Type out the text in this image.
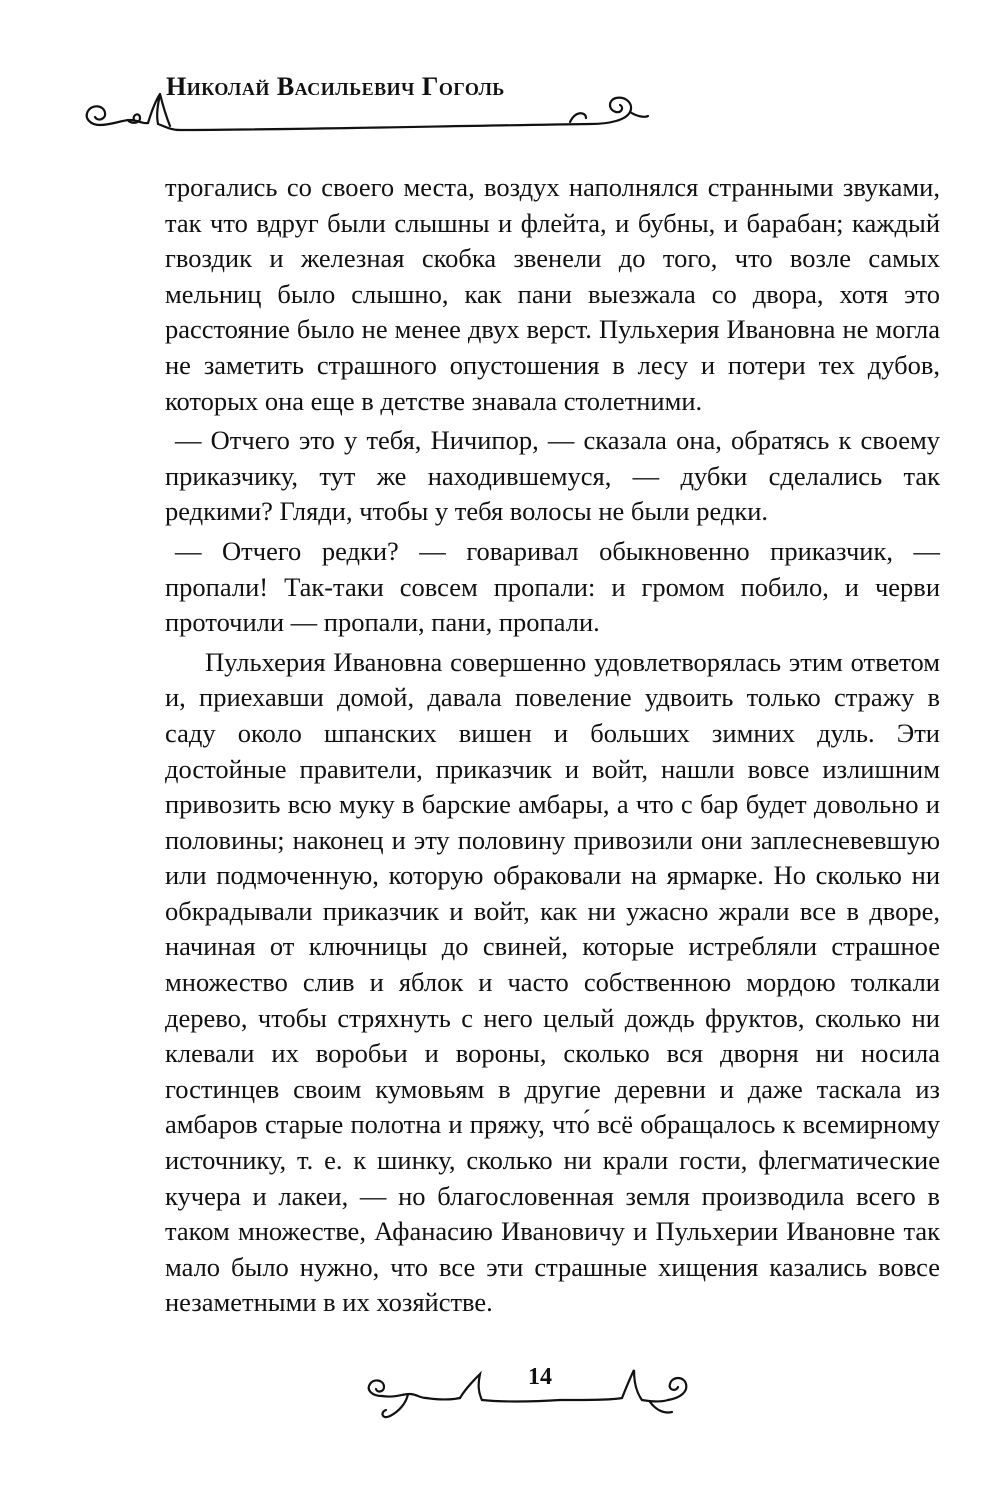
Николай Васильевич Гоголь

трогались со своего места, воздух наполнялся странными звуками, так что вдруг были слышны и флейта, и бубны, и барабан; каждый гвоздик и железная скобка звенели до того, что возле самых мельниц было слышно, как пани выезжала со двора, хотя это расстояние было не менее двух верст. Пульхерия Ивановна не могла не заметить страшного опустошения в лесу и потери тех дубов, которых она еще в детстве знавала столетними.

— Отчего это у тебя, Ничипор, — сказала она, обратясь к своему приказчику, тут же находившемуся, — дубки сделались так редкими? Гляди, чтобы у тебя волосы не были редки.

— Отчего редки? — говаривал обыкновенно приказчик, — пропали! Так-таки совсем пропали: и громом побило, и черви проточили — пропали, пани, пропали.

Пульхерия Ивановна совершенно удовлетворялась этим ответом и, приехавши домой, давала повеление удвоить только стражу в саду около шпанских вишен и больших зимних дуль. Эти достойные правители, приказчик и войт, нашли вовсе излишним привозить всю муку в барские амбары, а что с бар будет довольно и половины; наконец и эту половину привозили они заплесневевшую или подмоченную, которую обраковали на ярмарке. Но сколько ни обкрадывали приказчик и войт, как ни ужасно жрали все в дворе, начиная от ключницы до свиней, которые истребляли страшное множество слив и яблок и часто собственною мордою толкали дерево, чтобы стряхнуть с него целый дождь фруктов, сколько ни клевали их воробьи и вороны, сколько вся дворня ни носила гостинцев своим кумовьям в другие деревни и даже таскала из амбаров старые полотна и пряжу, что́ всё обращалось к всемирному источнику, т. е. к шинку, сколько ни крали гости, флегматические кучера и лакеи, — но благословенная земля производила всего в таком множестве, Афанасию Ивановичу и Пульхерии Ивановне так мало было нужно, что все эти страшные хищения казались вовсе незаметными в их хозяйстве.

14
